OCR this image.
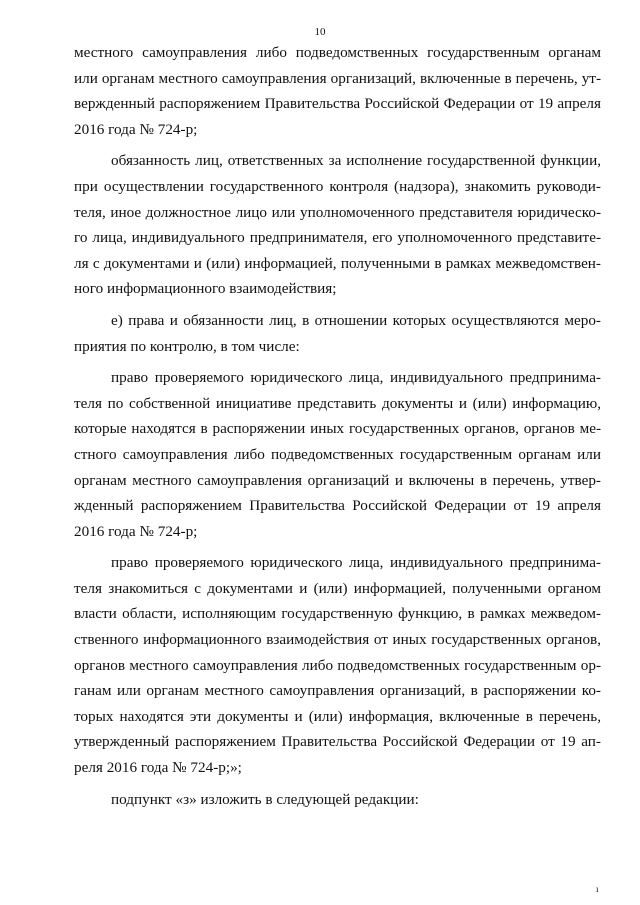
10
местного самоуправления либо подведомственных государственным органам
или органам местного самоуправления организаций, включенные в перечень, ут-
вержденный распоряжением Правительства Российской Федерации от 19 апреля
2016 года № 724-р;
обязанность лиц, ответственных за исполнение государственной функции,
при осуществлении государственного контроля (надзора), знакомить руководи-
теля, иное должностное лицо или уполномоченного представителя юридическо-
го лица, индивидуального предпринимателя, его уполномоченного представите-
ля с документами и (или) информацией, полученными в рамках межведомствен-
ного информационного взаимодействия;
е) права и обязанности лиц, в отношении которых осуществляются меро-
приятия по контролю, в том числе:
право проверяемого юридического лица, индивидуального предпринима-
теля по собственной инициативе представить документы и (или) информацию,
которые находятся в распоряжении иных государственных органов, органов ме-
стного самоуправления либо подведомственных государственным органам или
органам местного самоуправления организаций и включены в перечень, утвер-
жденный распоряжением Правительства Российской Федерации от 19 апреля
2016 года № 724-р;
право проверяемого юридического лица, индивидуального предпринима-
теля знакомиться с документами и (или) информацией, полученными органом
власти области, исполняющим государственную функцию, в рамках межведом-
ственного информационного взаимодействия от иных государственных органов,
органов местного самоуправления либо подведомственных государственным ор-
ганам или органам местного самоуправления организаций, в распоряжении ко-
торых находятся эти документы и (или) информация, включенные в перечень,
утвержденный распоряжением Правительства Российской Федерации от 19 ап-
реля 2016 года № 724-р;»;
подпункт «з» изложить в следующей редакции:
ı
